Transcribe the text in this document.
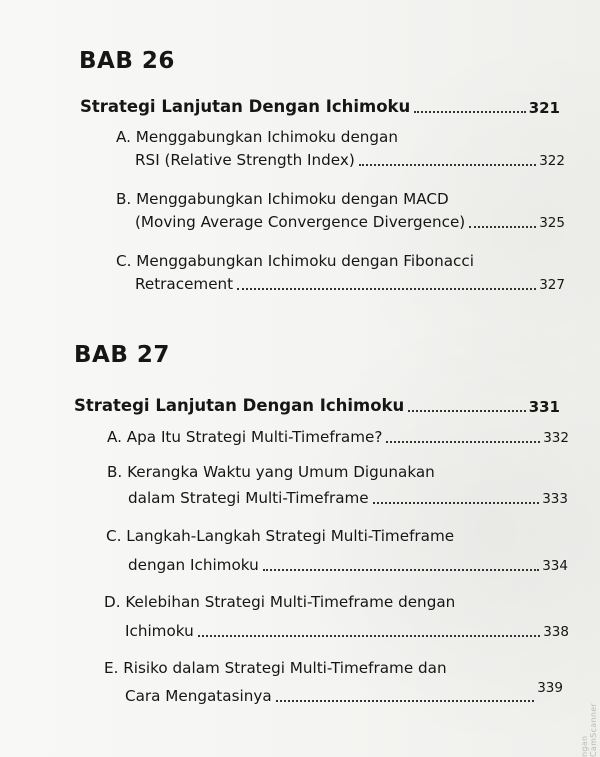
BAB 26
Strategi Lanjutan Dengan Ichimoku	321
A. Menggabungkan Ichimoku dengan
RSI (Relative Strength Index)	322
B. Menggabungkan Ichimoku dengan MACD
(Moving Average Convergence Divergence)	325
C. Menggabungkan Ichimoku dengan Fibonacci
Retracement	327
BAB 27
Strategi Lanjutan Dengan Ichimoku	331
A. Apa Itu Strategi Multi-Timeframe?	332
B. Kerangka Waktu yang Umum Digunakan
dalam Strategi Multi-Timeframe	333
C. Langkah-Langkah Strategi Multi-Timeframe
dengan Ichimoku	334
D. Kelebihan Strategi Multi-Timeframe dengan
Ichimoku	338
E. Risiko dalam Strategi Multi-Timeframe dan
Cara Mengatasinya	339
ngan CamScanner
